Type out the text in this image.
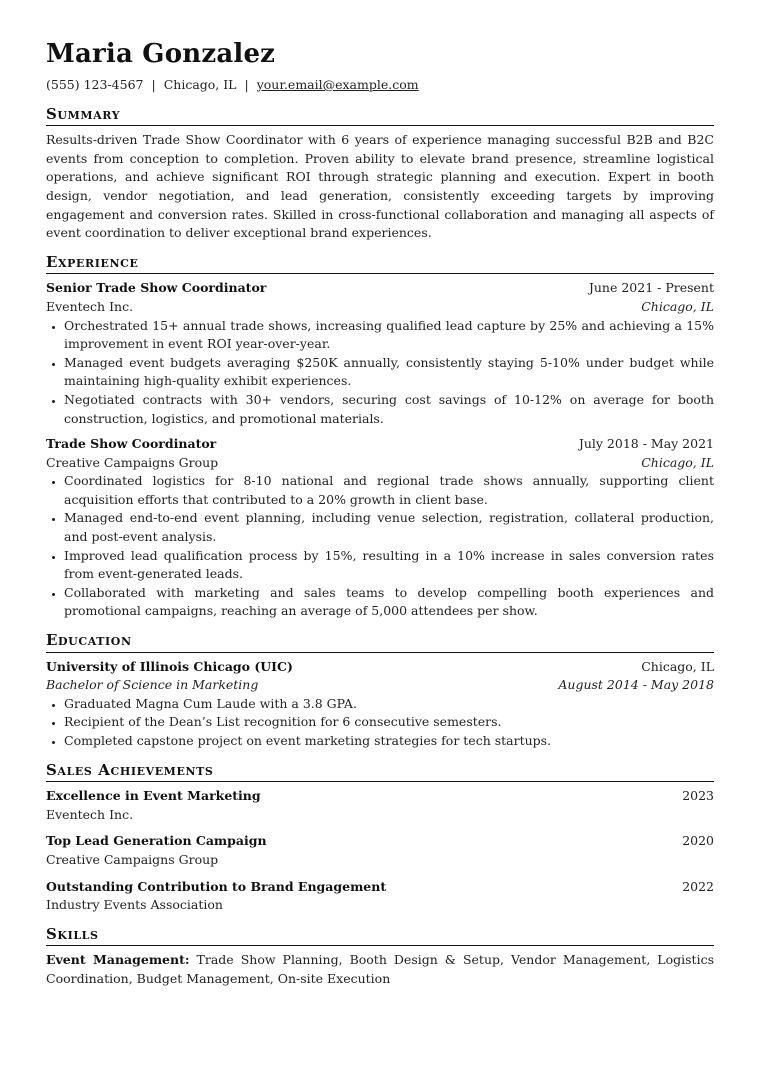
Maria Gonzalez
(555) 123-4567 | Chicago, IL | your.email@example.com
Summary

Results-driven Trade Show Coordinator with 6 years of experience managing successful B2B and B2C events from conception to completion. Proven ability to elevate brand presence, streamline logistical operations, and achieve significant ROI through strategic planning and execution. Expert in booth design, vendor negotiation, and lead generation, consistently exceeding targets by improving engagement and conversion rates. Skilled in cross-functional collaboration and managing all aspects of event coordination to deliver exceptional brand experiences.

Experience
Senior Trade Show Coordinator	June 2021 - Present
Eventech Inc.	Chicago, IL
• Orchestrated 15+ annual trade shows, increasing qualified lead capture by 25% and achieving a 15% improvement in event ROI year-over-year.
• Managed event budgets averaging $250K annually, consistently staying 5-10% under budget while maintaining high-quality exhibit experiences.
• Negotiated contracts with 30+ vendors, securing cost savings of 10-12% on average for booth construction, logistics, and promotional materials.
Trade Show Coordinator	July 2018 - May 2021
Creative Campaigns Group	Chicago, IL
• Coordinated logistics for 8-10 national and regional trade shows annually, supporting client acquisition efforts that contributed to a 20% growth in client base.
• Managed end-to-end event planning, including venue selection, registration, collateral production, and post-event analysis.
• Improved lead qualification process by 15%, resulting in a 10% increase in sales conversion rates from event-generated leads.
• Collaborated with marketing and sales teams to develop compelling booth experiences and promotional campaigns, reaching an average of 5,000 attendees per show.
Education
University of Illinois Chicago (UIC)	Chicago, IL
Bachelor of Science in Marketing	August 2014 - May 2018
• Graduated Magna Cum Laude with a 3.8 GPA.
• Recipient of the Dean’s List recognition for 6 consecutive semesters.
• Completed capstone project on event marketing strategies for tech startups.
Sales Achievements
Excellence in Event Marketing	2023
Eventech Inc.
Top Lead Generation Campaign	2020
Creative Campaigns Group
Outstanding Contribution to Brand Engagement	2022
Industry Events Association
Skills
Event Management: Trade Show Planning, Booth Design & Setup, Vendor Management, Logistics Coordination, Budget Management, On-site Execution
